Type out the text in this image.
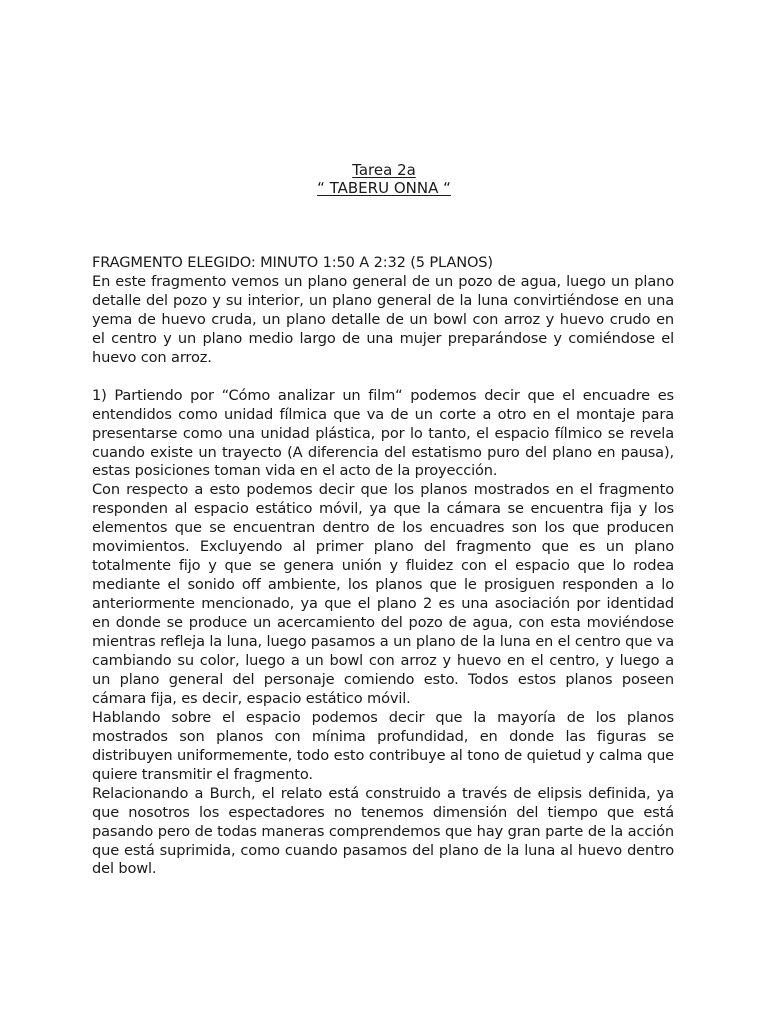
Tarea 2a
“ TABERU ONNA “

FRAGMENTO ELEGIDO: MINUTO 1:50 A 2:32 (5 PLANOS)

En este fragmento vemos un plano general de un pozo de agua, luego un plano detalle del pozo y su interior, un plano general de la luna convirtiéndose en una yema de huevo cruda, un plano detalle de un bowl con arroz y huevo crudo en el centro y un plano medio largo de una mujer preparándose y comiéndose el huevo con arroz.

1) Partiendo por “Cómo analizar un film“ podemos decir que el encuadre es entendidos como unidad fílmica que va de un corte a otro en el montaje para presentarse como una unidad plástica, por lo tanto, el espacio fílmico se revela cuando existe un trayecto (A diferencia del estatismo puro del plano en pausa), estas posiciones toman vida en el acto de la proyección.

Con respecto a esto podemos decir que los planos mostrados en el fragmento responden al espacio estático móvil, ya que la cámara se encuentra fija y los elementos que se encuentran dentro de los encuadres son los que producen movimientos. Excluyendo al primer plano del fragmento que es un plano totalmente fijo y que se genera unión y fluidez con el espacio que lo rodea mediante el sonido off ambiente, los planos que le prosiguen responden a lo anteriormente mencionado, ya que el plano 2 es una asociación por identidad en donde se produce un acercamiento del pozo de agua, con esta moviéndose mientras refleja la luna, luego pasamos a un plano de la luna en el centro que va cambiando su color, luego a un bowl con arroz y huevo en el centro, y luego a un plano general del personaje comiendo esto. Todos estos planos poseen cámara fija, es decir, espacio estático móvil.

Hablando sobre el espacio podemos decir que la mayoría de los planos mostrados son planos con mínima profundidad, en donde las figuras se distribuyen uniformemente, todo esto contribuye al tono de quietud y calma que quiere transmitir el fragmento.

Relacionando a Burch, el relato está construido a través de elipsis definida, ya que nosotros los espectadores no tenemos dimensión del tiempo que está pasando pero de todas maneras comprendemos que hay gran parte de la acción que está suprimida, como cuando pasamos del plano de la luna al huevo dentro del bowl.
